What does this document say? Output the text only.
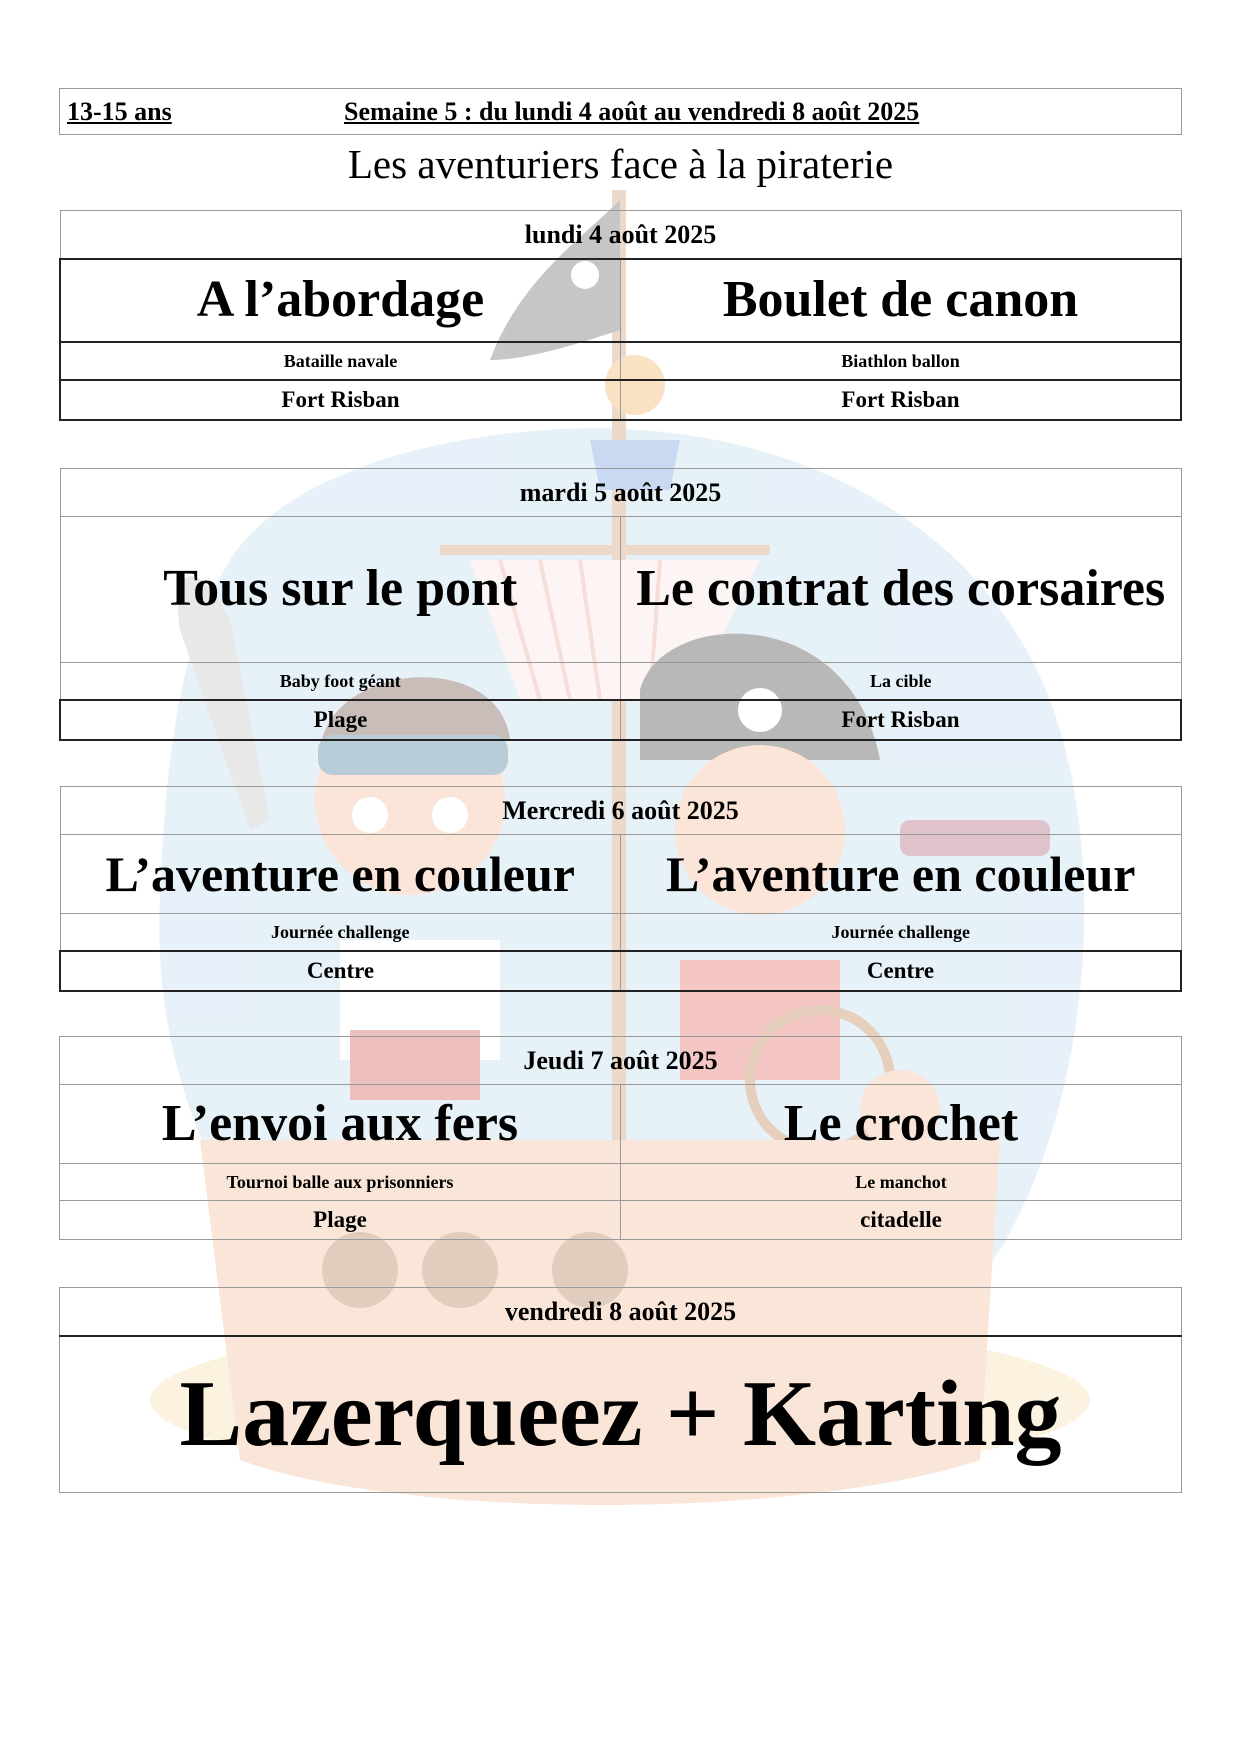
13-15 ans	Semaine 5 : du lundi 4 août au vendredi 8 août 2025
Les aventuriers face à la piraterie
lundi 4 août 2025	
A l’abordage	Boulet de canon
Bataille navale	Biathlon ballon
Fort Risban	Fort Risban
mardi 5 août 2025	
Tous sur le pont	Le contrat des corsaires
Baby foot géant	La cible
Plage	Fort Risban
Mercredi 6 août 2025	
L’aventure en couleur	L’aventure en couleur
Journée challenge	Journée challenge
Centre	Centre
Jeudi 7 août 2025	
L’envoi aux fers	Le crochet
Tournoi balle aux prisonniers	Le manchot
Plage	citadelle
vendredi 8 août 2025
Lazerqueez + Karting
